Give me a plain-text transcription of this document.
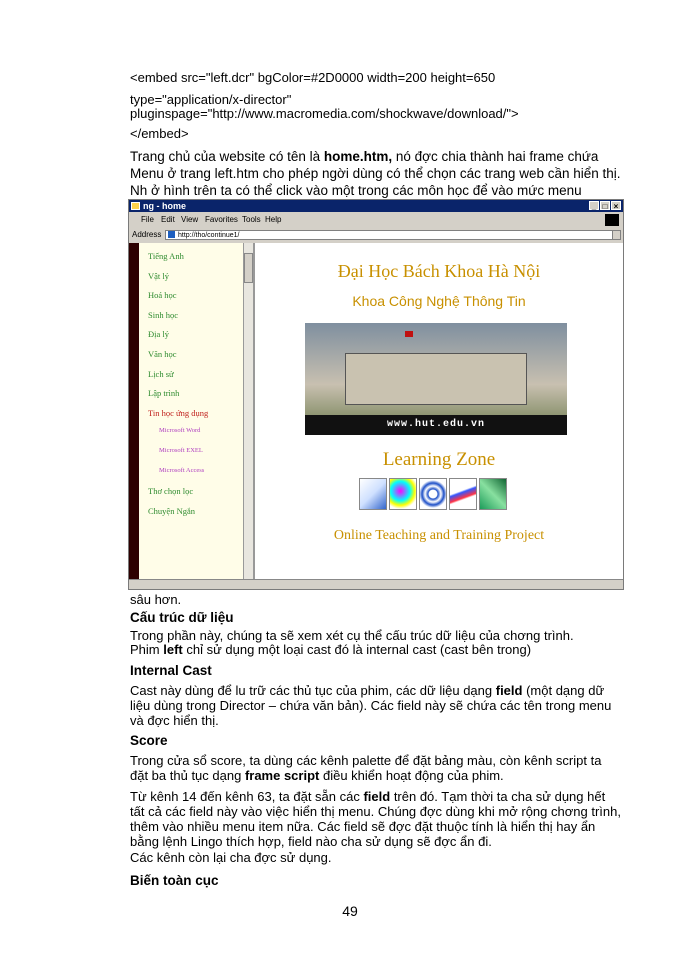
<embed src="left.dcr" bgColor=#2D0000 width=200 height=650

type="application/x-director"

pluginspage="http://www.macromedia.com/shockwave/download/">

</embed>

Trang chủ của website có tên là home.htm, nó đợc chia thành hai frame chứa Menu ở trang left.htm cho phép ngời dùng có thể chọn các trang web cần hiển thị. Nh ở hình trên ta có thể click vào một trong các môn học để vào mức menu

ng - home	_ □ ×
File Edit View Favorites Tools Help
Address	http://tho/continue1/
Tiếng Anh
Vật lý
Hoá học
Sinh học
Địa lý
Văn học
Lịch sử
Lập trình
Tin học ứng dụng
Microsoft Word
Microsoft EXEL
Microsoft Access
Thơ chọn lọc
Chuyện Ngắn
Đại Học Bách Khoa Hà Nội
Khoa Công Nghệ Thông Tin
www.hut.edu.vn
Learning Zone
Online Teaching and Training Project

sâu hơn.

Cấu trúc dữ liệu

Trong phần này, chúng ta sẽ xem xét cụ thể cấu trúc dữ liệu của chơng trình.

Phim left chỉ sử dụng một loại cast đó là internal cast (cast bên trong)

Internal Cast

Cast này dùng để lu trữ các thủ tục của phim, các dữ liệu dạng field (một dạng dữ liệu dùng trong Director – chứa văn bản). Các field này sẽ chứa các tên trong menu và đợc hiển thị.

Score

Trong cửa sổ score, ta dùng các kênh palette để đặt bảng màu, còn kênh script ta đặt ba thủ tục dạng frame script điều khiển hoạt động của phim.

Từ kênh 14 đến kênh 63, ta đặt sẵn các field trên đó. Tạm thời ta cha sử dụng hết tất cả các field này vào việc hiển thị menu. Chúng đợc dùng khi mở rộng chơng trình, thêm vào nhiều menu item nữa. Các field sẽ đợc đặt thuộc tính là hiển thị hay ẩn bằng lệnh Lingo thích hợp, field nào cha sử dụng sẽ đợc ẩn đi.

Các kênh còn lại cha đợc sử dụng.

Biến toàn cục

49
